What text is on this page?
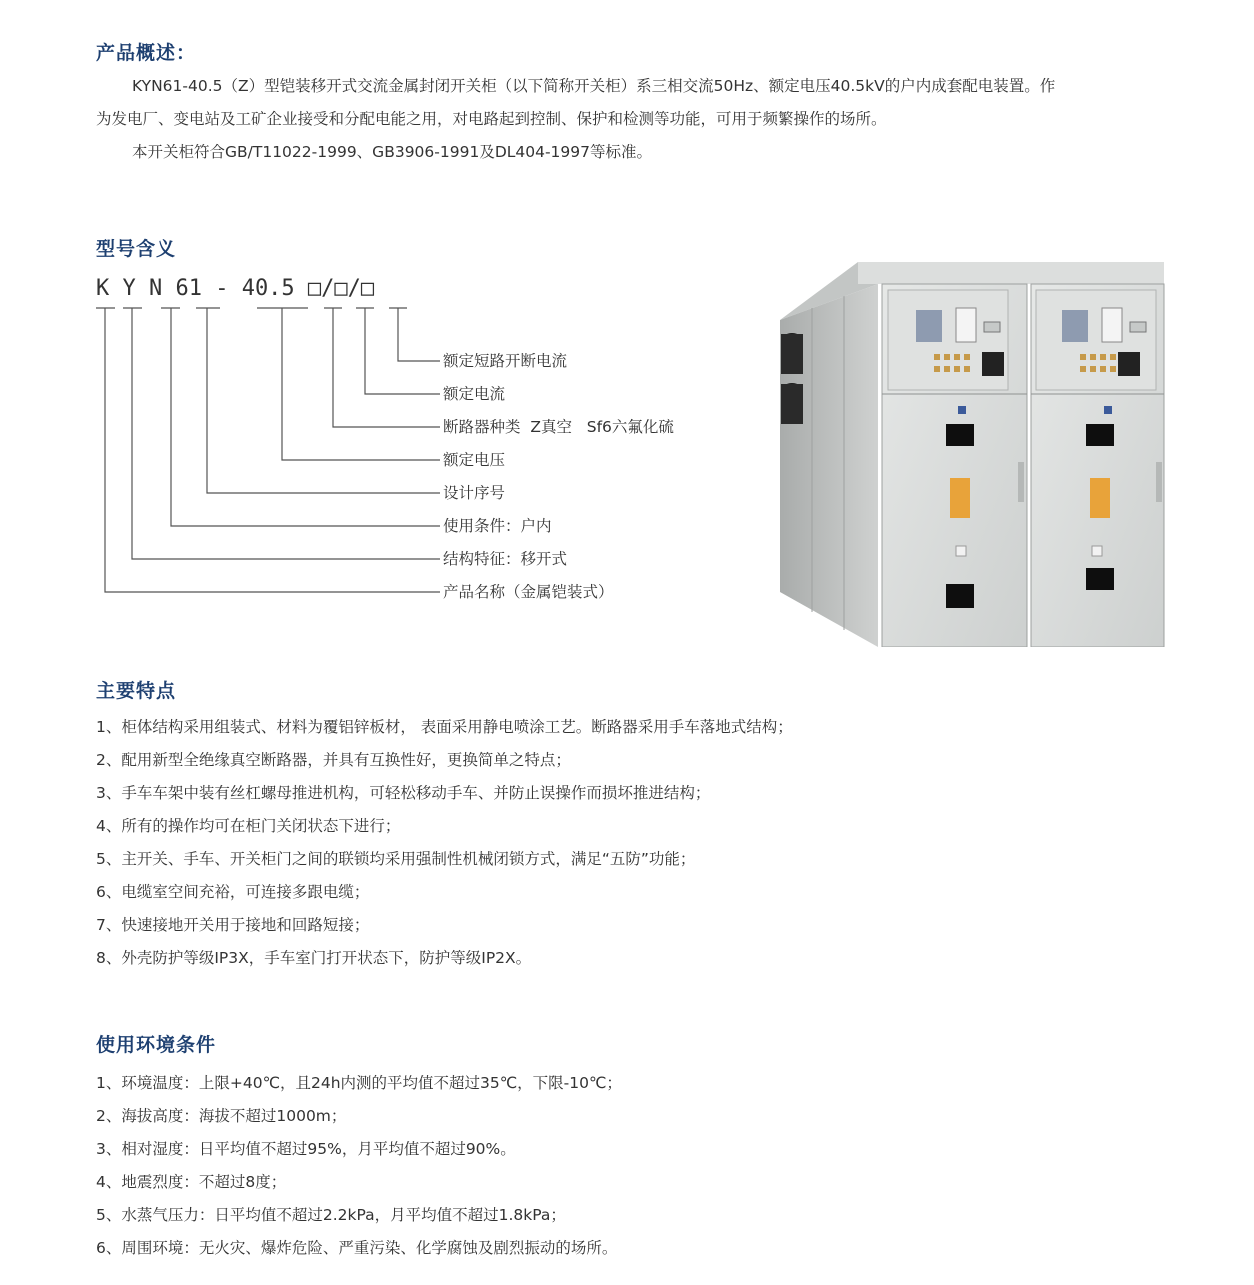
产品概述：
KYN61-40.5（Z）型铠装移开式交流金属封闭开关柜（以下简称开关柜）系三相交流50Hz、额定电压40.5kV的户内成套配电装置。作
为发电厂、变电站及工矿企业接受和分配电能之用，对电路起到控制、保护和检测等功能，可用于频繁操作的场所。
本开关柜符合GB/T11022-1999、GB3906-1991及DL404-1997等标准。
型号含义
K Y N 61 - 40.5 □/□/□
额定短路开断电流
额定电流
断路器种类  Z真空   Sf6六氟化硫
额定电压
设计序号
使用条件：户内
结构特征：移开式
产品名称（金属铠装式）
主要特点
1、柜体结构采用组装式、材料为覆铝锌板材， 表面采用静电喷涂工艺。断路器采用手车落地式结构；
2、配用新型全绝缘真空断路器，并具有互换性好，更换简单之特点；
3、手车车架中装有丝杠螺母推进机构，可轻松移动手车、并防止误操作而损坏推进结构；
4、所有的操作均可在柜门关闭状态下进行；
5、主开关、手车、开关柜门之间的联锁均采用强制性机械闭锁方式，满足“五防”功能；
6、电缆室空间充裕，可连接多跟电缆；
7、快速接地开关用于接地和回路短接；
8、外壳防护等级IP3X，手车室门打开状态下，防护等级IP2X。
使用环境条件
1、环境温度：上限+40℃，且24h内测的平均值不超过35℃，下限-10℃；
2、海拔高度：海拔不超过1000m；
3、相对湿度：日平均值不超过95%，月平均值不超过90%。
4、地震烈度：不超过8度；
5、水蒸气压力：日平均值不超过2.2kPa，月平均值不超过1.8kPa；
6、周围环境：无火灾、爆炸危险、严重污染、化学腐蚀及剧烈振动的场所。
